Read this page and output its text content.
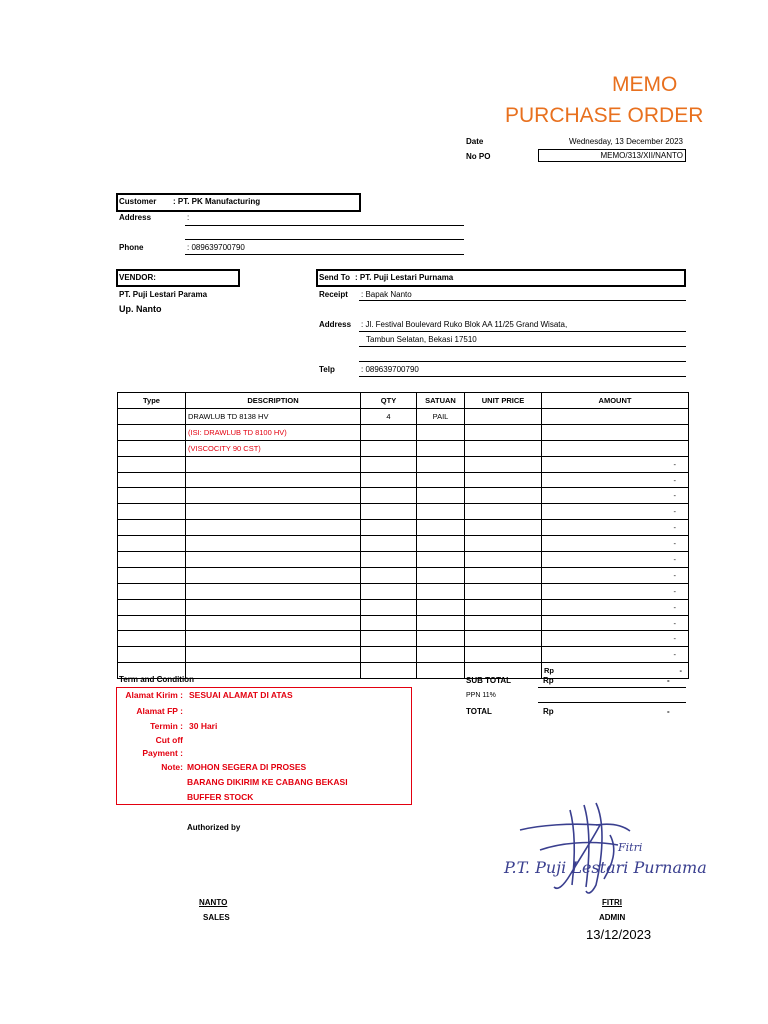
MEMO
PURCHASE ORDER
Date	Wednesday, 13 December 2023
No PO	MEMO/313/XII/NANTO
Customer : PT. PK Manufacturing
Address	:
Phone	: 089639700790
VENDOR:
PT. Puji Lestari Parama
Up. Nanto
Send To : PT. Puji Lestari Purnama
Receipt : Bapak Nanto
Address : Jl. Festival Boulevard Ruko Blok AA 11/25 Grand Wisata,
Tambun Selatan, Bekasi 17510
Telp	: 089639700790
Type	DESCRIPTION	QTY	SATUAN	UNIT PRICE	AMOUNT
	DRAWLUB TD 8138 HV	4	PAIL		
	(ISI: DRAWLUB TD 8100 HV)				
	(VISCOCITY 90 CST)				
					-
					-
					-
					-
					-
					-
					-
					-
					-
					-
					-
					-
					-
					Rp -
SUB TOTAL	Rp	-
PPN 11%
TOTAL	Rp	-
Term and Condition
Alamat Kirim : SESUAI ALAMAT DI ATAS
Alamat FP :
Termin : 30 Hari
Cut off
Payment :
Note: MOHON SEGERA DI PROSES
BARANG DIKIRIM KE CABANG BEKASI
BUFFER STOCK
Authorized by
Fitri
P.T. Puji Lestari Purnama
NANTO
SALES
FITRI
ADMIN
13/12/2023
